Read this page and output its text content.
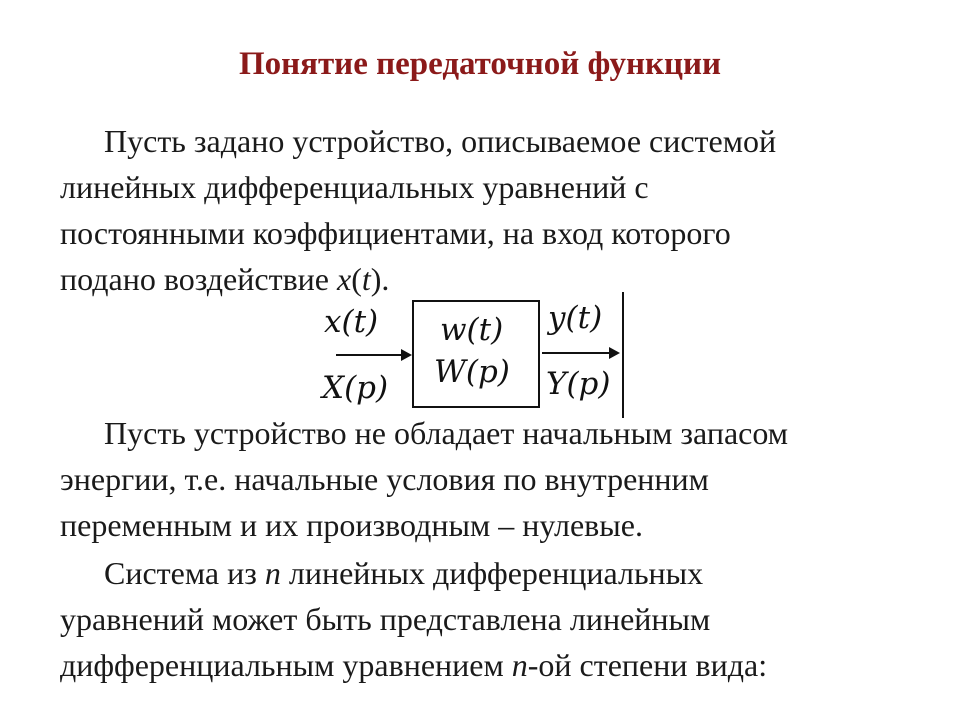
Понятие передаточной функции
Пусть задано устройство, описываемое системой
линейных дифференциальных уравнений с
постоянными коэффициентами, на вход которого
подано воздействие x(t).
x(t)
X(p)
w(t)
W(p)
y(t)
Y(p)
Пусть устройство не обладает начальным запасом
энергии, т.е. начальные условия по внутренним
переменным и их производным – нулевые.
Система из n линейных дифференциальных
уравнений может быть представлена линейным
дифференциальным уравнением n-ой степени вида:
